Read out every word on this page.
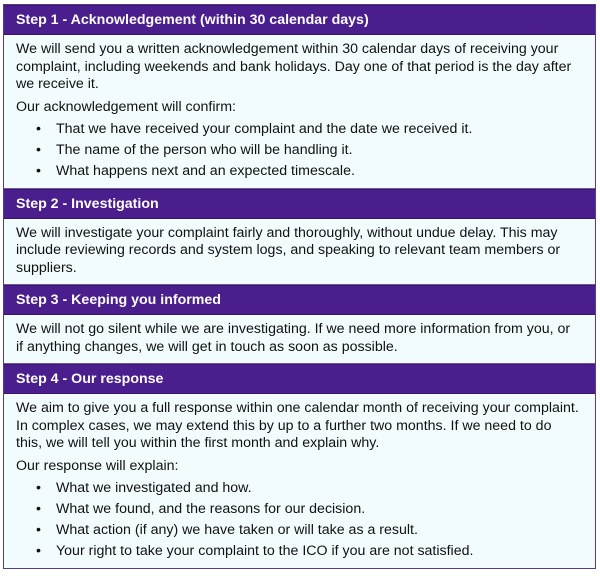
Step 1 - Acknowledgement (within 30 calendar days)

We will send you a written acknowledgement within 30 calendar days of receiving your complaint, including weekends and bank holidays. Day one of that period is the day after we receive it.

Our acknowledgement will confirm:

• That we have received your complaint and the date we received it.
• The name of the person who will be handling it.
• What happens next and an expected timescale.
Step 2 - Investigation

We will investigate your complaint fairly and thoroughly, without undue delay. This may include reviewing records and system logs, and speaking to relevant team members or suppliers.

Step 3 - Keeping you informed

We will not go silent while we are investigating. If we need more information from you, or if anything changes, we will get in touch as soon as possible.

Step 4 - Our response

We aim to give you a full response within one calendar month of receiving your complaint. In complex cases, we may extend this by up to a further two months. If we need to do this, we will tell you within the first month and explain why.

Our response will explain:

• What we investigated and how.
• What we found, and the reasons for our decision.
• What action (if any) we have taken or will take as a result.
• Your right to take your complaint to the ICO if you are not satisfied.
